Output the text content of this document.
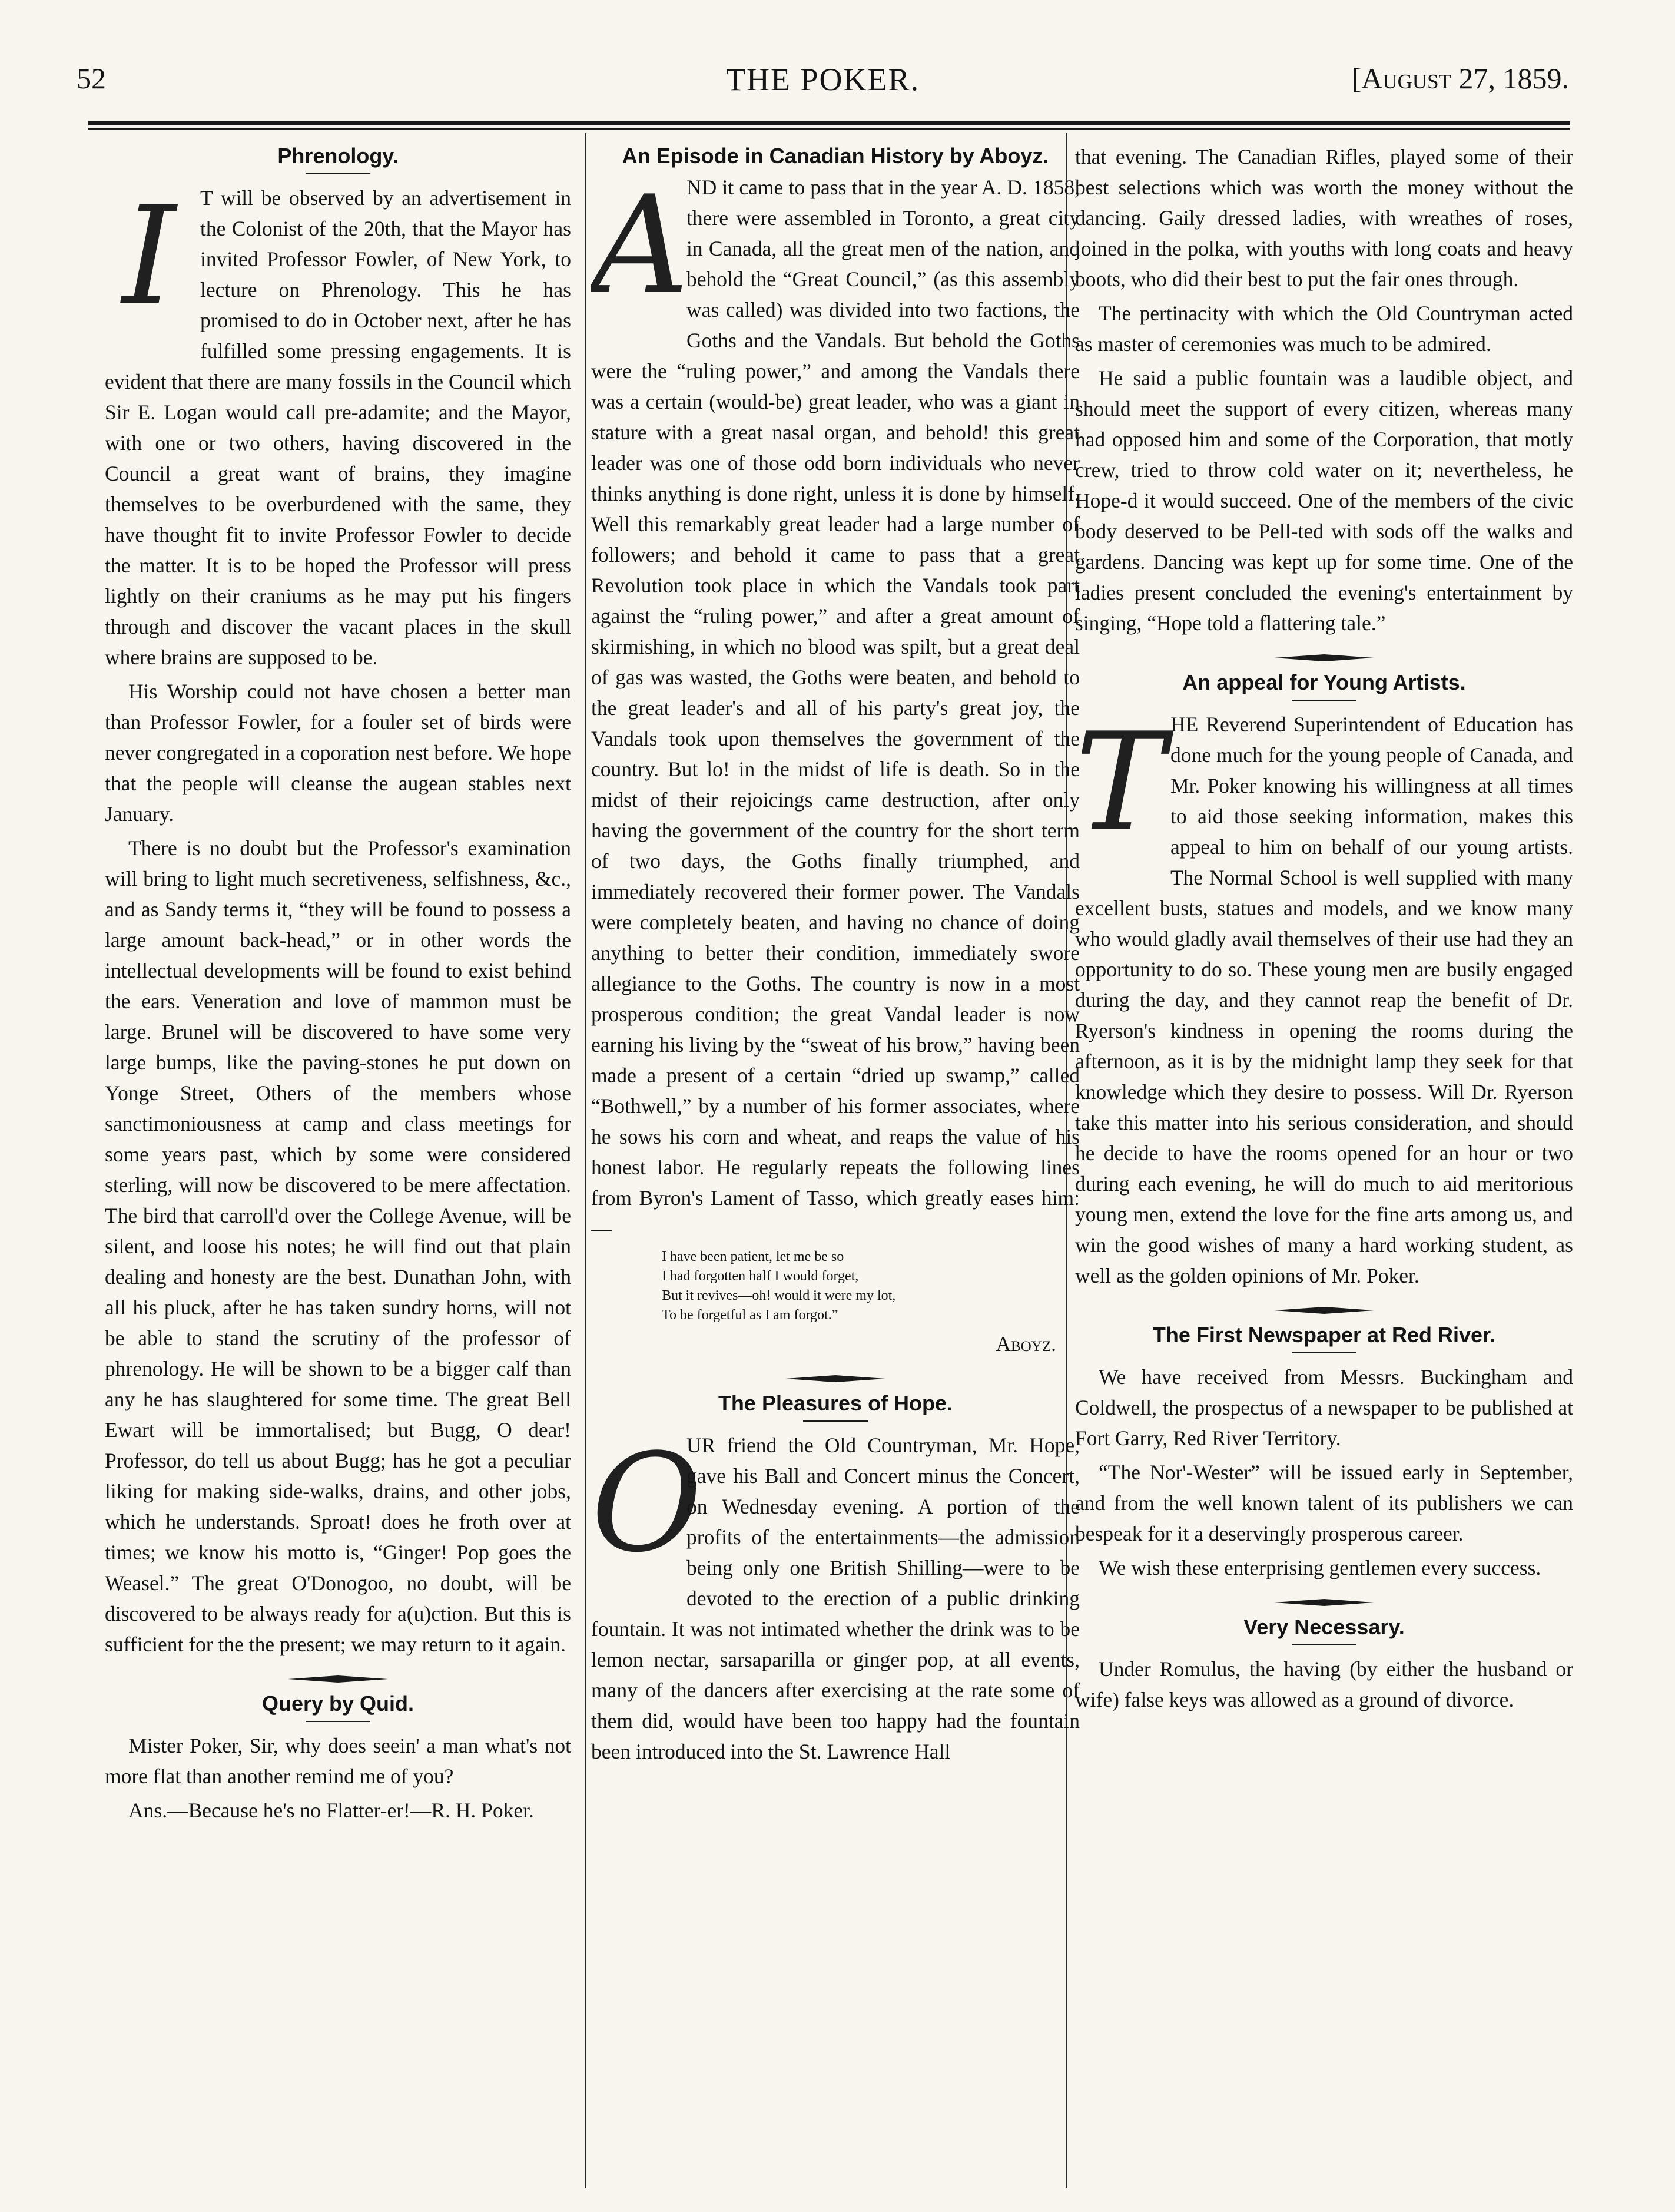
52	THE POKER.	[August 27, 1859.
Phrenology.

I	T will be observed by an advertisement in the Colonist of the 20th, that the Mayor has invited Professor Fowler, of New York, to lecture on Phrenology. This he has promised to do in October next, after he has fulfilled some pressing engagements. It is evident that there are many fossils in the Council which Sir E. Logan would call pre-adamite; and the Mayor, with one or two others, having discovered in the Council a great want of brains, they imagine themselves to be overburdened with the same, they have thought fit to invite Professor Fowler to decide the matter. It is to be hoped the Professor will press lightly on their craniums as he may put his fingers through and discover the vacant places in the skull where brains are supposed to be.

His Worship could not have chosen a better man than Professor Fowler, for a fouler set of birds were never congregated in a coporation nest before. We hope that the people will cleanse the augean stables next January.

There is no doubt but the Professor's examination will bring to light much secretiveness, selfishness, &c., and as Sandy terms it, “they will be found to possess a large amount back-head,” or in other words the intellectual developments will be found to exist behind the ears. Veneration and love of mammon must be large. Brunel will be discovered to have some very large bumps, like the paving-stones he put down on Yonge Street, Others of the members whose sanctimoniousness at camp and class meetings for some years past, which by some were considered sterling, will now be discovered to be mere affectation. The bird that carroll'd over the College Avenue, will be silent, and loose his notes; he will find out that plain dealing and honesty are the best. Dunathan John, with all his pluck, after he has taken sundry horns, will not be able to stand the scrutiny of the professor of phrenology. He will be shown to be a bigger calf than any he has slaughtered for some time. The great Bell Ewart will be immortalised; but Bugg, O dear! Professor, do tell us about Bugg; has he got a peculiar liking for making side-walks, drains, and other jobs, which he understands. Sproat! does he froth over at times; we know his motto is, “Ginger! Pop goes the Weasel.” The great O'Donogoo, no doubt, will be discovered to be always ready for a(u)ction. But this is sufficient for the the present; we may return to it again.

Query by Quid.

Mister Poker, Sir, why does seein' a man what's not more flat than another remind me of you?

Ans.—Because he's no Flatter-er!—R. H. Poker.

An Episode in Canadian History by Aboyz.

A
ND it came to pass that in the year A. D. 1858, there were assembled in Toronto, a great city in Canada, all the great men of the nation, and behold the “Great Council,” (as this assembly was called) was divided into two factions, the Goths and the Vandals. But behold the Goths were the “ruling power,” and among the Vandals there was a certain (would-be) great leader, who was a giant in stature with a great nasal organ, and behold! this great leader was one of those odd born individuals who never thinks anything is done right, unless it is done by himself. Well this remarkably great leader had a large number of followers; and behold it came to pass that a great Revolution took place in which the Vandals took part against the “ruling power,” and after a great amount of skirmishing, in which no blood was spilt, but a great deal of gas was wasted, the Goths were beaten, and behold to the great leader's and all of his party's great joy, the Vandals took upon themselves the government of the country. But lo! in the midst of life is death. So in the midst of their rejoicings came destruction, after only having the government of the country for the short term of two days, the Goths finally triumphed, and immediately recovered their former power. The Vandals were completely beaten, and having no chance of doing anything to better their condition, immediately swore allegiance to the Goths. The country is now in a most prosperous condition; the great Vandal leader is now earning his living by the “sweat of his brow,” having been made a present of a certain “dried up swamp,” called “Bothwell,” by a number of his former associates, where he sows his corn and wheat, and reaps the value of his honest labor. He regularly repeats the following lines from Byron's Lament of Tasso, which greatly eases him:—

I have been patient, let me be so
I had forgotten half I would forget,
But it revives—oh! would it were my lot,
To be forgetful as I am forgot.”
Aboyz.
The Pleasures of Hope.

O
UR friend the Old Countryman, Mr. Hope, gave his Ball and Concert minus the Concert, on Wednesday evening. A portion of the profits of the entertainments—the admission being only one British Shilling—were to be devoted to the erection of a public drinking fountain. It was not intimated whether the drink was to be lemon nectar, sarsaparilla or ginger pop, at all events, many of the dancers after exercising at the rate some of them did, would have been too happy had the fountain been introduced into the St. Lawrence Hall

that evening. The Canadian Rifles, played some of their best selections which was worth the money without the dancing. Gaily dressed ladies, with wreathes of roses, joined in the polka, with youths with long coats and heavy boots, who did their best to put the fair ones through.

The pertinacity with which the Old Countryman acted as master of ceremonies was much to be admired.

He said a public fountain was a laudible object, and should meet the support of every citizen, whereas many had opposed him and some of the Corporation, that motly crew, tried to throw cold water on it; nevertheless, he Hope-d it would succeed. One of the members of the civic body deserved to be Pell-ted with sods off the walks and gardens. Dancing was kept up for some time. One of the ladies present concluded the evening's entertainment by singing, “Hope told a flattering tale.”

An appeal for Young Artists.

THE Reverend Superintendent of Education has done much for the young people of Canada, and Mr. Poker knowing his willingness at all times to aid those seeking information, makes this appeal to him on behalf of our young artists. The Normal School is well supplied with many excellent busts, statues and models, and we know many who would gladly avail themselves of their use had they an opportunity to do so. These young men are busily engaged during the day, and they cannot reap the benefit of Dr. Ryerson's kindness in opening the rooms during the afternoon, as it is by the midnight lamp they seek for that knowledge which they desire to possess. Will Dr. Ryerson take this matter into his serious consideration, and should he decide to have the rooms opened for an hour or two during each evening, he will do much to aid meritorious young men, extend the love for the fine arts among us, and win the good wishes of many a hard working student, as well as the golden opinions of Mr. Poker.

The First Newspaper at Red River.

We have received from Messrs. Buckingham and Coldwell, the prospectus of a newspaper to be published at Fort Garry, Red River Territory.

“The Nor'-Wester” will be issued early in September, and from the well known talent of its publishers we can bespeak for it a deservingly prosperous career.

We wish these enterprising gentlemen every success.

Very Necessary.

Under Romulus, the having (by either the husband or wife) false keys was allowed as a ground of divorce.
